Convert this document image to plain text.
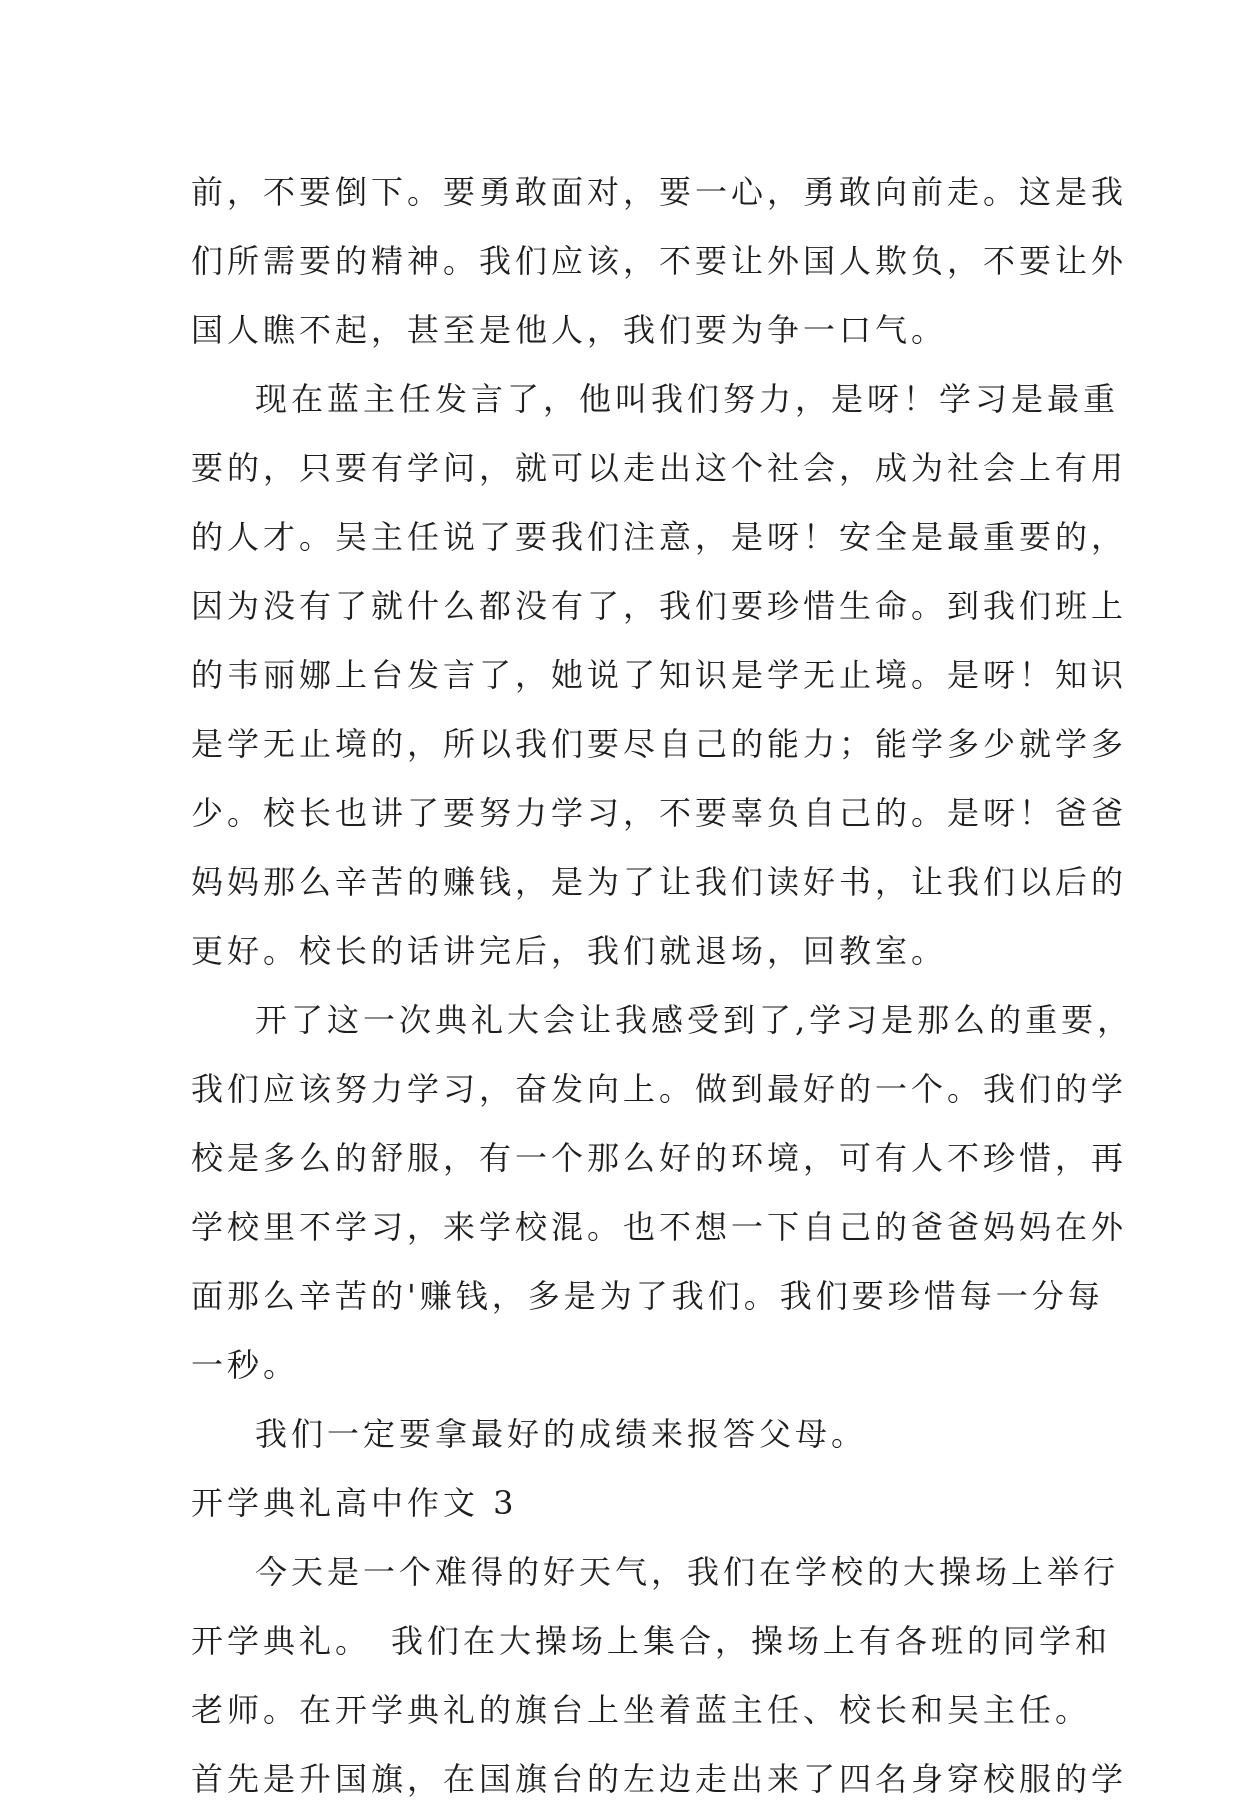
前，不要倒下。要勇敢面对，要一心，勇敢向前走。这是我
们所需要的精神。我们应该，不要让外国人欺负，不要让外
国人瞧不起，甚至是他人，我们要为争一口气。
现在蓝主任发言了，他叫我们努力，是呀！学习是最重
要的，只要有学问，就可以走出这个社会，成为社会上有用
的人才。吴主任说了要我们注意，是呀！安全是最重要的，
因为没有了就什么都没有了，我们要珍惜生命。到我们班上
的韦丽娜上台发言了，她说了知识是学无止境。是呀！知识
是学无止境的，所以我们要尽自己的能力；能学多少就学多
少。校长也讲了要努力学习，不要辜负自己的。是呀！爸爸
妈妈那么辛苦的赚钱，是为了让我们读好书，让我们以后的
更好。校长的话讲完后，我们就退场，回教室。
开了这一次典礼大会让我感受到了,学习是那么的重要，
我们应该努力学习，奋发向上。做到最好的一个。我们的学
校是多么的舒服，有一个那么好的环境，可有人不珍惜，再
学校里不学习，来学校混。也不想一下自己的爸爸妈妈在外
面那么辛苦的'赚钱，多是为了我们。我们要珍惜每一分每
一秒。
我们一定要拿最好的成绩来报答父母。
开学典礼高中作文 3
今天是一个难得的好天气，我们在学校的大操场上举行
开学典礼。　我们在大操场上集合，操场上有各班的同学和
老师。在开学典礼的旗台上坐着蓝主任、校长和吴主任。
首先是升国旗，在国旗台的左边走出来了四名身穿校服的学
